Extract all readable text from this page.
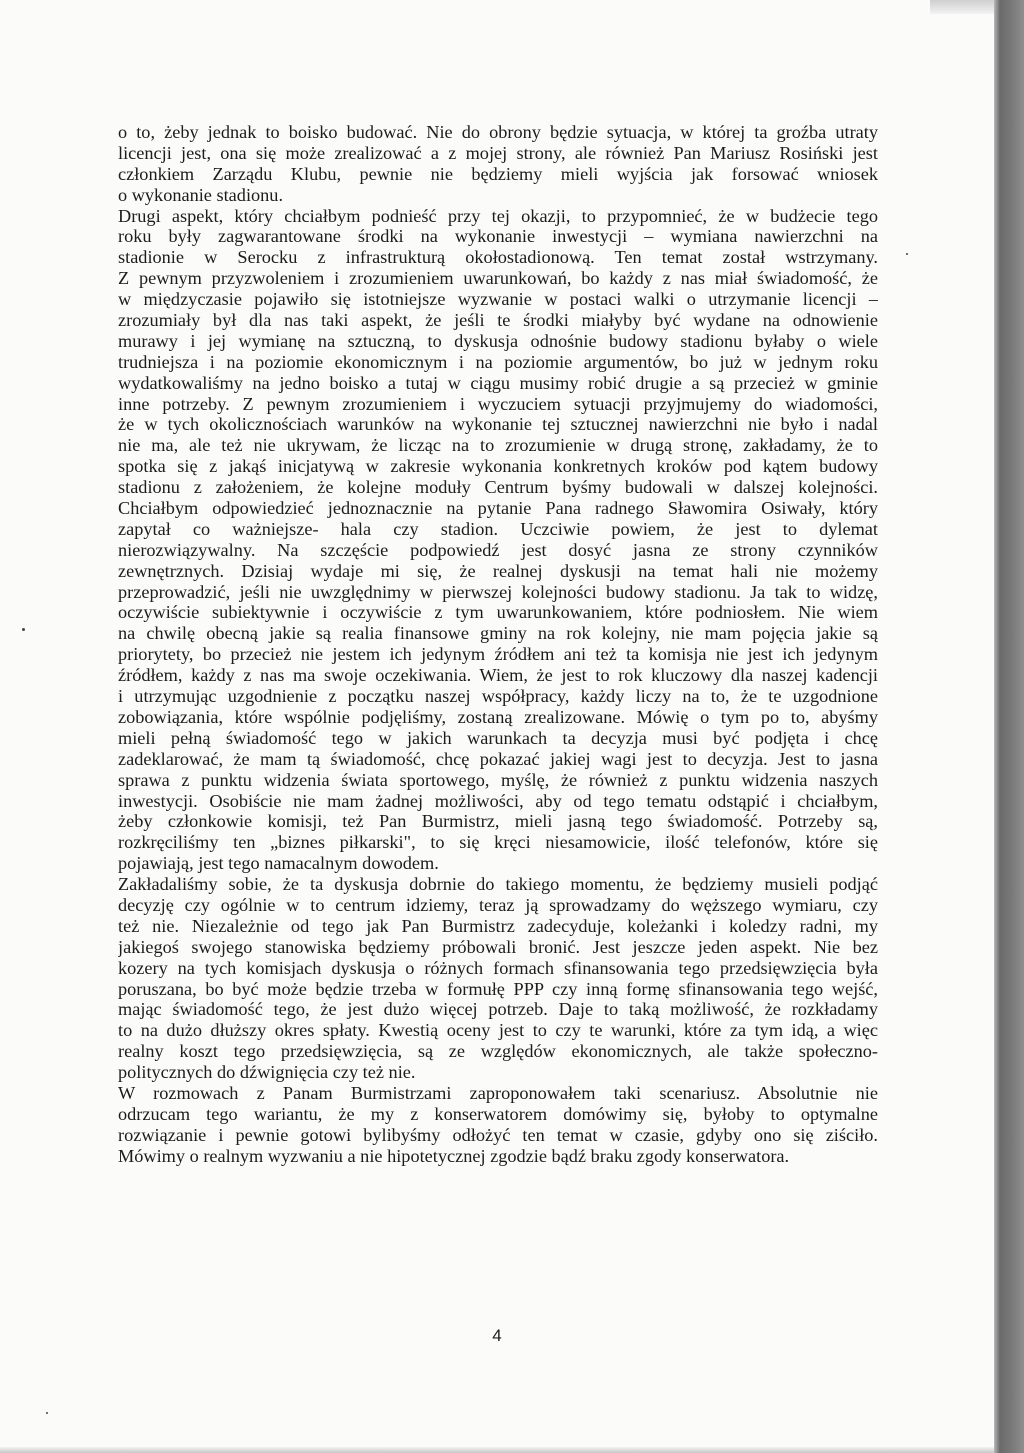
o to, żeby jednak to boisko budować. Nie do obrony będzie sytuacja, w której ta groźba utraty
licencji jest, ona się może zrealizować a z mojej strony, ale również Pan Mariusz Rosiński jest
członkiem Zarządu Klubu, pewnie nie będziemy mieli wyjścia jak forsować wniosek
o wykonanie stadionu.
Drugi aspekt, który chciałbym podnieść przy tej okazji, to przypomnieć, że w budżecie tego
roku były zagwarantowane środki na wykonanie inwestycji – wymiana nawierzchni na
stadionie w Serocku z infrastrukturą okołostadionową. Ten temat został wstrzymany.
Z pewnym przyzwoleniem i zrozumieniem uwarunkowań, bo każdy z nas miał świadomość, że
w międzyczasie pojawiło się istotniejsze wyzwanie w postaci walki o utrzymanie licencji –
zrozumiały był dla nas taki aspekt, że jeśli te środki miałyby być wydane na odnowienie
murawy i jej wymianę na sztuczną, to dyskusja odnośnie budowy stadionu byłaby o wiele
trudniejsza i na poziomie ekonomicznym i na poziomie argumentów, bo już w jednym roku
wydatkowaliśmy na jedno boisko a tutaj w ciągu musimy robić drugie a są przecież w gminie
inne potrzeby. Z pewnym zrozumieniem i wyczuciem sytuacji przyjmujemy do wiadomości,
że w tych okolicznościach warunków na wykonanie tej sztucznej nawierzchni nie było i nadal
nie ma, ale też nie ukrywam, że licząc na to zrozumienie w drugą stronę, zakładamy, że to
spotka się z jakąś inicjatywą w zakresie wykonania konkretnych kroków pod kątem budowy
stadionu z założeniem, że kolejne moduły Centrum byśmy budowali w dalszej kolejności.
Chciałbym odpowiedzieć jednoznacznie na pytanie Pana radnego Sławomira Osiwały, który
zapytał co ważniejsze- hala czy stadion. Uczciwie powiem, że jest to dylemat
nierozwiązywalny. Na szczęście podpowiedź jest dosyć jasna ze strony czynników
zewnętrznych. Dzisiaj wydaje mi się, że realnej dyskusji na temat hali nie możemy
przeprowadzić, jeśli nie uwzględnimy w pierwszej kolejności budowy stadionu. Ja tak to widzę,
oczywiście subiektywnie i oczywiście z tym uwarunkowaniem, które podniosłem. Nie wiem
na chwilę obecną jakie są realia finansowe gminy na rok kolejny, nie mam pojęcia jakie są
priorytety, bo przecież nie jestem ich jedynym źródłem ani też ta komisja nie jest ich jedynym
źródłem, każdy z nas ma swoje oczekiwania. Wiem, że jest to rok kluczowy dla naszej kadencji
i utrzymując uzgodnienie z początku naszej współpracy, każdy liczy na to, że te uzgodnione
zobowiązania, które wspólnie podjęliśmy, zostaną zrealizowane. Mówię o tym po to, abyśmy
mieli pełną świadomość tego w jakich warunkach ta decyzja musi być podjęta i chcę
zadeklarować, że mam tą świadomość, chcę pokazać jakiej wagi jest to decyzja. Jest to jasna
sprawa z punktu widzenia świata sportowego, myślę, że również z punktu widzenia naszych
inwestycji. Osobiście nie mam żadnej możliwości, aby od tego tematu odstąpić i chciałbym,
żeby członkowie komisji, też Pan Burmistrz, mieli jasną tego świadomość. Potrzeby są,
rozkręciliśmy ten „biznes piłkarski", to się kręci niesamowicie, ilość telefonów, które się
pojawiają, jest tego namacalnym dowodem.
Zakładaliśmy sobie, że ta dyskusja dobrnie do takiego momentu, że będziemy musieli podjąć
decyzję czy ogólnie w to centrum idziemy, teraz ją sprowadzamy do węższego wymiaru, czy
też nie. Niezależnie od tego jak Pan Burmistrz zadecyduje, koleżanki i koledzy radni, my
jakiegoś swojego stanowiska będziemy próbowali bronić. Jest jeszcze jeden aspekt. Nie bez
kozery na tych komisjach dyskusja o różnych formach sfinansowania tego przedsięwzięcia była
poruszana, bo być może będzie trzeba w formułę PPP czy inną formę sfinansowania tego wejść,
mając świadomość tego, że jest dużo więcej potrzeb. Daje to taką możliwość, że rozkładamy
to na dużo dłuższy okres spłaty. Kwestią oceny jest to czy te warunki, które za tym idą, a więc
realny koszt tego przedsięwzięcia, są ze względów ekonomicznych, ale także społeczno-
politycznych do dźwignięcia czy też nie.
W rozmowach z Panam Burmistrzami zaproponowałem taki scenariusz. Absolutnie nie
odrzucam tego wariantu, że my z konserwatorem domówimy się, byłoby to optymalne
rozwiązanie i pewnie gotowi bylibyśmy odłożyć ten temat w czasie, gdyby ono się ziściło.
Mówimy o realnym wyzwaniu a nie hipotetycznej zgodzie bądź braku zgody konserwatora.
4
